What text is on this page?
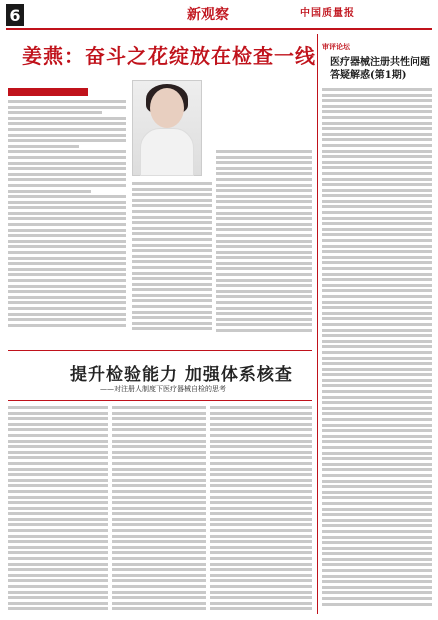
6	新观察	中国质量报
姜燕：奋斗之花绽放在检查一线
提升检验能力 加强体系核查
——对注册人制度下医疗器械自检的思考
审评论坛
医疗器械注册共性问题答疑解惑(第1期)
